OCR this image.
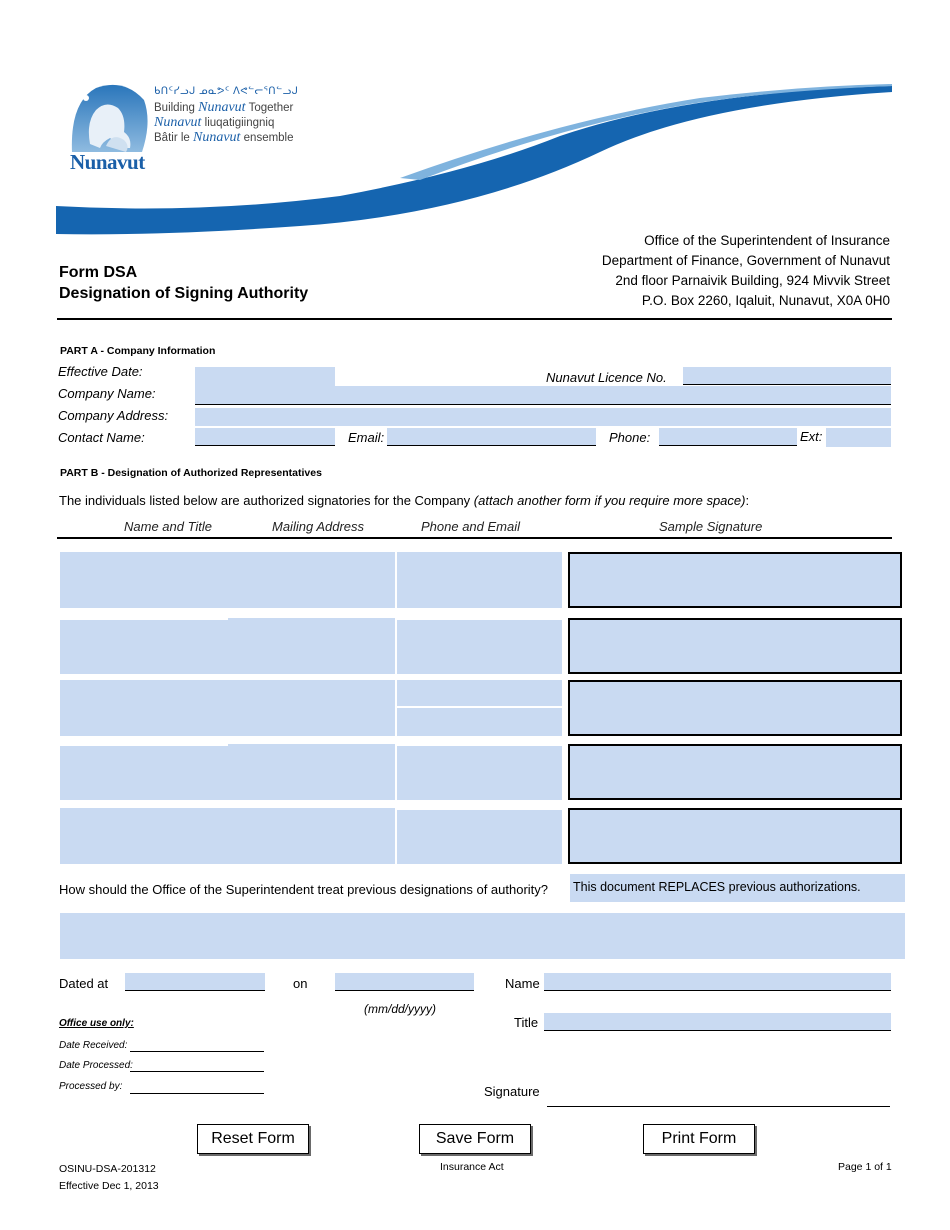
Nunavut
ᑲᑎᑦᓯᓗᒍ ᓄᓇᕗᑦ ᐱᕙᓪᓕᕐᑎᓪᓗᒍ
Building Nunavut Together
Nunavut liuqatigiingniq
Bâtir le Nunavut ensemble
Form DSA
Designation of Signing Authority
Office of the Superintendent of Insurance
Department of Finance, Government of Nunavut
2nd floor Parnaivik Building, 924 Mivvik Street
P.O. Box 2260, Iqaluit, Nunavut, X0A 0H0
PART A - Company Information
Effective Date:	Nunavut Licence No.
Company Name:
Company Address:
Contact Name:	Email:	Phone:	Ext:
PART B - Designation of Authorized Representatives
The individuals listed below are authorized signatories for the Company (attach another form if you require more space):
Name and Title	Mailing Address	Phone and Email	Sample Signature
How should the Office of the Superintendent treat previous designations of authority? This document REPLACES previous authorizations.
Dated at	on
(mm/dd/yyyy)
Name
Title
Signature
Office use only:
Date Received:
Date Processed:
Processed by:
Reset Form	Save Form	Print Form
OSINU-DSA-201312
Effective Dec 1, 2013
Insurance Act	Page 1 of 1
